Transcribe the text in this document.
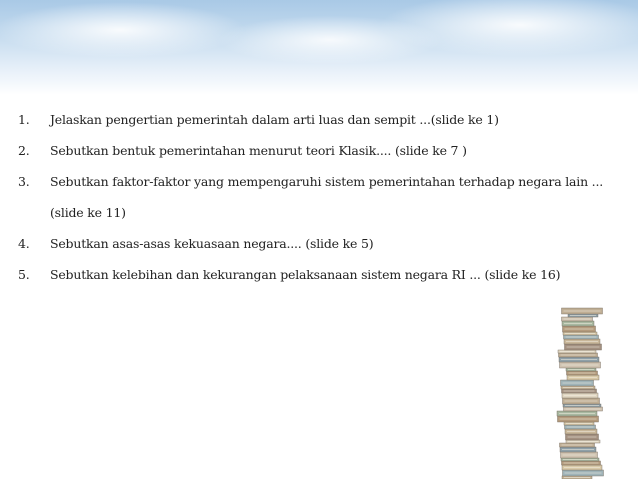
1. Jelaskan pengertian pemerintah dalam arti luas dan sempit ...(slide ke 1)
2. Sebutkan bentuk pemerintahan menurut teori Klasik.... (slide ke 7 )
3. Sebutkan faktor-faktor yang mempengaruhi sistem pemerintahan terhadap negara lain ...
(slide ke 11)
4. Sebutkan asas-asas kekuasaan negara.... (slide ke 5)
5. Sebutkan kelebihan dan kekurangan pelaksanaan sistem negara RI ... (slide ke 16)
